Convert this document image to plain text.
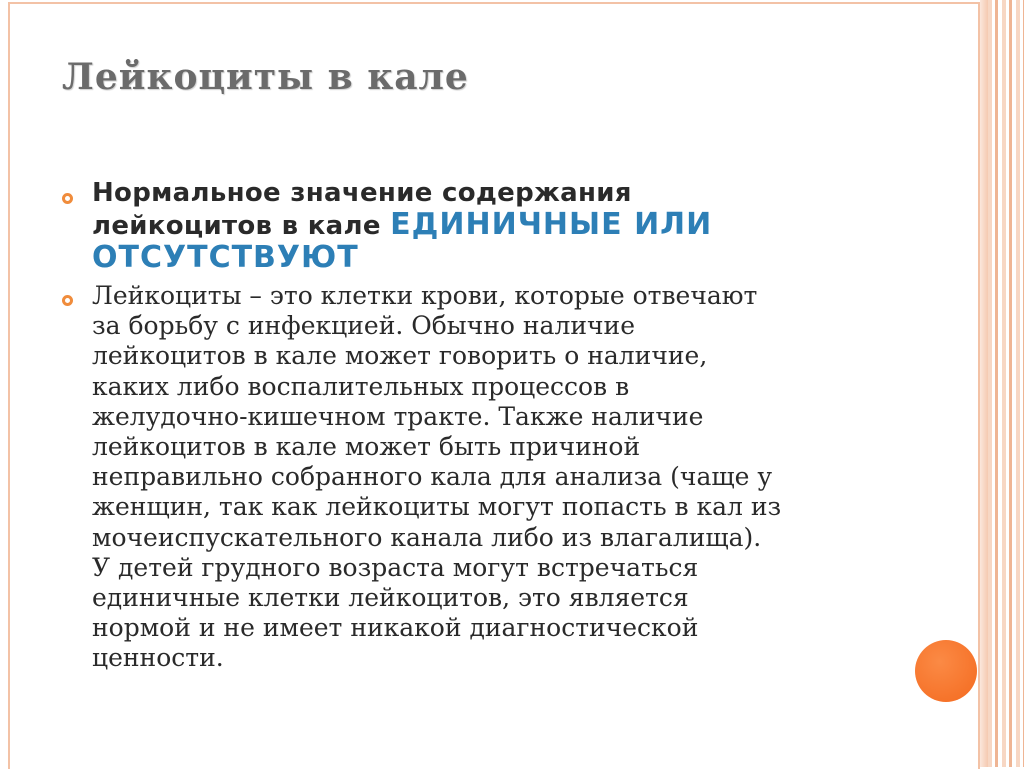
Лейкоциты в кале
Нормальное значение содержания
лейкоцитов в кале ЕДИНИЧНЫЕ ИЛИ
ОТСУТСТВУЮТ
Лейкоциты – это клетки крови, которые отвечают
за борьбу с инфекцией. Обычно наличие
лейкоцитов в кале может говорить о наличие,
каких либо воспалительных процессов в
желудочно-кишечном тракте. Также наличие
лейкоцитов в кале может быть причиной
неправильно собранного кала для анализа (чаще у
женщин, так как лейкоциты могут попасть в кал из
мочеиспускательного канала либо из влагалища).
У детей грудного возраста могут встречаться
единичные клетки лейкоцитов, это является
нормой и не имеет никакой диагностической
ценности.
